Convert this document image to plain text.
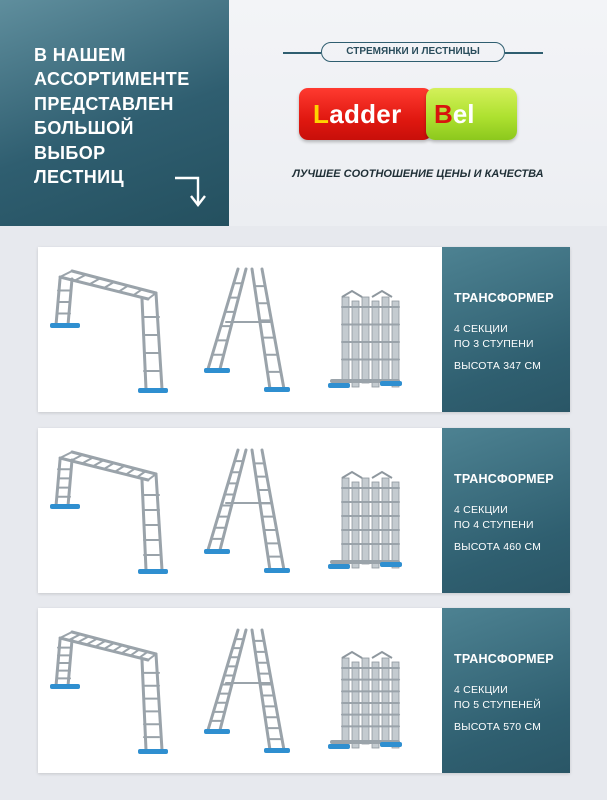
В НАШЕМ
АССОРТИМЕНТЕ
ПРЕДСТАВЛЕН
БОЛЬШОЙ
ВЫБОР
ЛЕСТНИЦ
СТРЕМЯНКИ И ЛЕСТНИЦЫ
Ladder Bel
ЛУЧШЕЕ СООТНОШЕНИЕ ЦЕНЫ И КАЧЕСТВА
ТРАНСФОРМЕР
4 СЕКЦИИ
ПО 3 СТУПЕНИ
ВЫСОТА 347 СМ
ТРАНСФОРМЕР
4 СЕКЦИИ
ПО 4 СТУПЕНИ
ВЫСОТА 460 СМ
ТРАНСФОРМЕР
4 СЕКЦИИ
ПО 5 СТУПЕНЕЙ
ВЫСОТА 570 СМ
